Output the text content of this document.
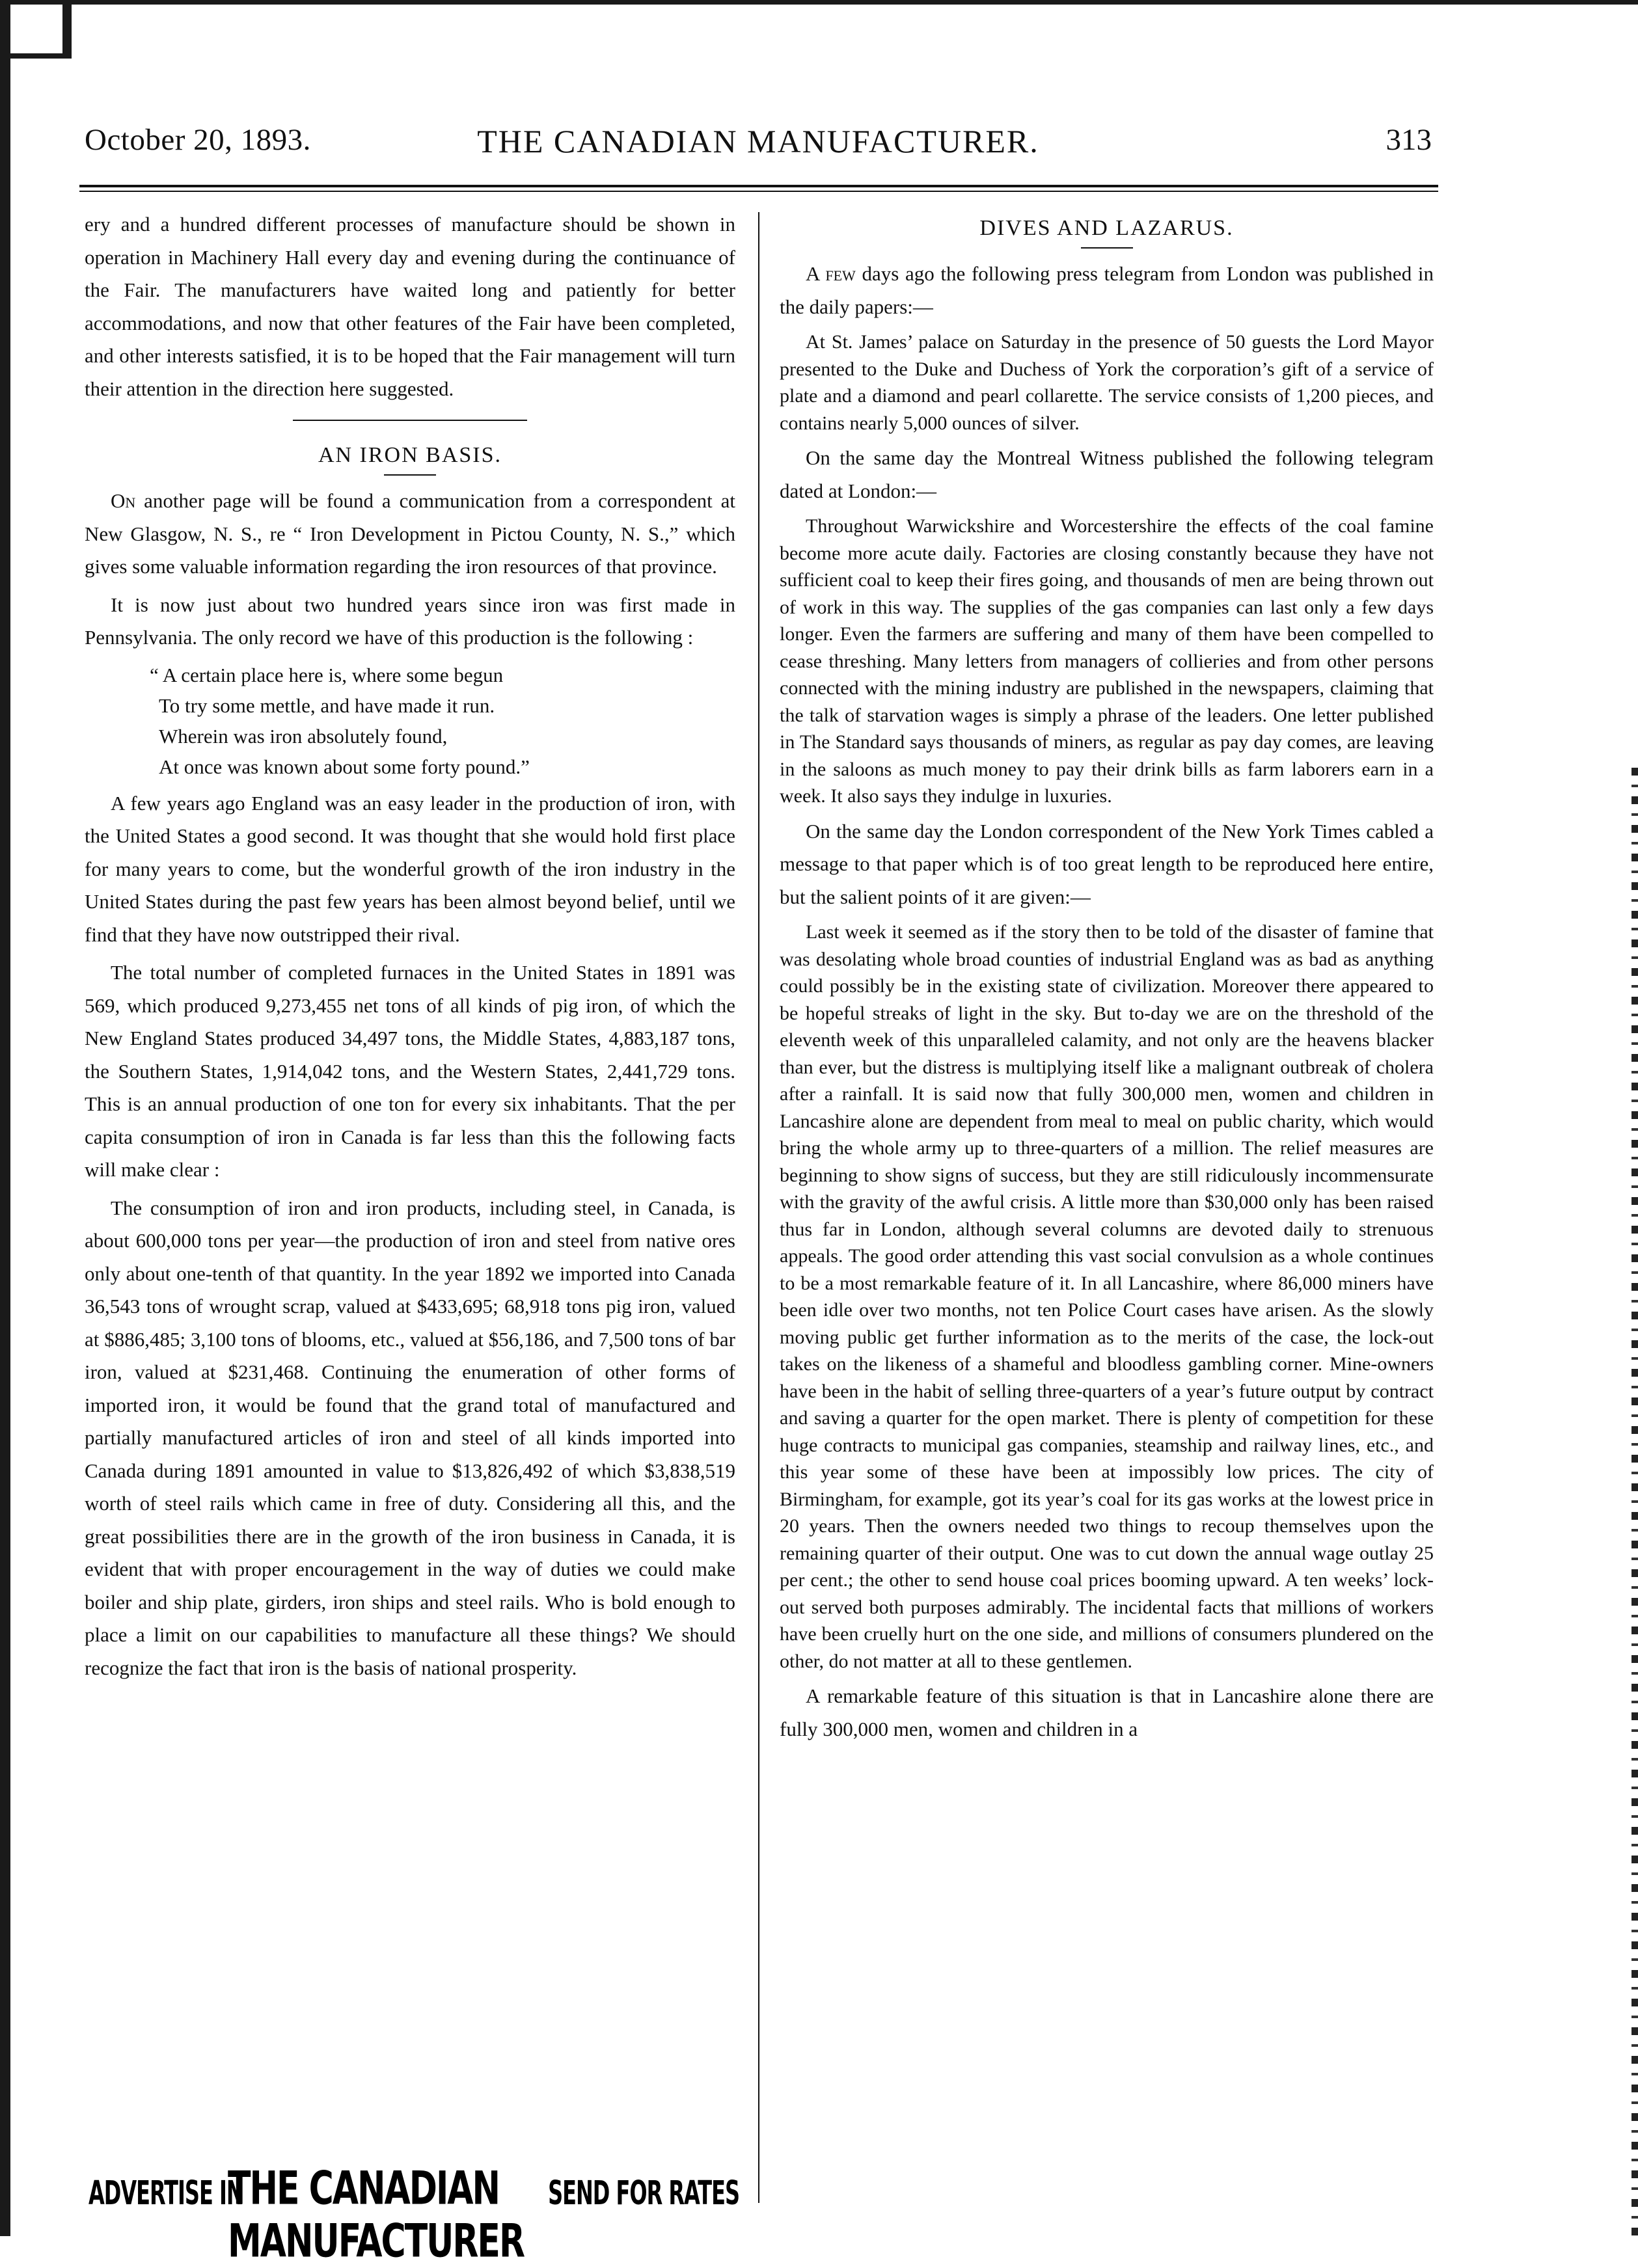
October 20, 1893.	THE CANADIAN MANUFACTURER.	313

ery and a hundred different processes of manufacture should be shown in operation in Machinery Hall every day and evening during the continuance of the Fair. The manufacturers have waited long and patiently for better accommodations, and now that other features of the Fair have been completed, and other interests satisfied, it is to be hoped that the Fair management will turn their attention in the direction here suggested.

AN IRON BASIS.

On another page will be found a communication from a correspondent at New Glasgow, N. S., re “ Iron Development in Pictou County, N. S.,” which gives some valuable information regarding the iron resources of that province.

It is now just about two hundred years since iron was first made in Pennsylvania. The only record we have of this production is the following :

“ A certain place here is, where some begun
To try some mettle, and have made it run.
Wherein was iron absolutely found,
At once was known about some forty pound.”

A few years ago England was an easy leader in the production of iron, with the United States a good second. It was thought that she would hold first place for many years to come, but the wonderful growth of the iron industry in the United States during the past few years has been almost beyond belief, until we find that they have now outstripped their rival.

The total number of completed furnaces in the United States in 1891 was 569, which produced 9,273,455 net tons of all kinds of pig iron, of which the New England States produced 34,497 tons, the Middle States, 4,883,187 tons, the Southern States, 1,914,042 tons, and the Western States, 2,441,729 tons. This is an annual production of one ton for every six inhabitants. That the per capita consumption of iron in Canada is far less than this the following facts will make clear :

The consumption of iron and iron products, including steel, in Canada, is about 600,000 tons per year—the production of iron and steel from native ores only about one-tenth of that quantity. In the year 1892 we imported into Canada 36,543 tons of wrought scrap, valued at $433,695; 68,918 tons pig iron, valued at $886,485; 3,100 tons of blooms, etc., valued at $56,186, and 7,500 tons of bar iron, valued at $231,468. Continuing the enumeration of other forms of imported iron, it would be found that the grand total of manufactured and partially manufactured articles of iron and steel of all kinds imported into Canada during 1891 amounted in value to $13,826,492 of which $3,838,519 worth of steel rails which came in free of duty. Considering all this, and the great possibilities there are in the growth of the iron business in Canada, it is evident that with proper encouragement in the way of duties we could make boiler and ship plate, girders, iron ships and steel rails. Who is bold enough to place a limit on our capabilities to manufacture all these things? We should recognize the fact that iron is the basis of national prosperity.

ADVERTISE IN
THE CANADIAN MANUFACTURER
SEND FOR RATES
DIVES AND LAZARUS.

A few days ago the following press telegram from London was published in the daily papers:—

At St. James’ palace on Saturday in the presence of 50 guests the Lord Mayor presented to the Duke and Duchess of York the corporation’s gift of a service of plate and a diamond and pearl collarette. The service consists of 1,200 pieces, and contains nearly 5,000 ounces of silver.

On the same day the Montreal Witness published the following telegram dated at London:—

Throughout Warwickshire and Worcestershire the effects of the coal famine become more acute daily. Factories are closing constantly because they have not sufficient coal to keep their fires going, and thousands of men are being thrown out of work in this way. The supplies of the gas companies can last only a few days longer. Even the farmers are suffering and many of them have been compelled to cease threshing. Many letters from managers of collieries and from other persons connected with the mining industry are published in the newspapers, claiming that the talk of starvation wages is simply a phrase of the leaders. One letter published in The Standard says thousands of miners, as regular as pay day comes, are leaving in the saloons as much money to pay their drink bills as farm laborers earn in a week. It also says they indulge in luxuries.

On the same day the London correspondent of the New York Times cabled a message to that paper which is of too great length to be reproduced here entire, but the salient points of it are given:—

Last week it seemed as if the story then to be told of the disaster of famine that was desolating whole broad counties of industrial England was as bad as anything could possibly be in the existing state of civilization. Moreover there appeared to be hopeful streaks of light in the sky. But to-day we are on the threshold of the eleventh week of this unparalleled calamity, and not only are the heavens blacker than ever, but the distress is multiplying itself like a malignant outbreak of cholera after a rainfall. It is said now that fully 300,000 men, women and children in Lancashire alone are dependent from meal to meal on public charity, which would bring the whole army up to three-quarters of a million. The relief measures are beginning to show signs of success, but they are still ridiculously incommensurate with the gravity of the awful crisis. A little more than $30,000 only has been raised thus far in London, although several columns are devoted daily to strenuous appeals. The good order attending this vast social convulsion as a whole continues to be a most remarkable feature of it. In all Lancashire, where 86,000 miners have been idle over two months, not ten Police Court cases have arisen. As the slowly moving public get further information as to the merits of the case, the lock-out takes on the likeness of a shameful and bloodless gambling corner. Mine-owners have been in the habit of selling three-quarters of a year’s future output by contract and saving a quarter for the open market. There is plenty of competition for these huge contracts to municipal gas companies, steamship and railway lines, etc., and this year some of these have been at impossibly low prices. The city of Birmingham, for example, got its year’s coal for its gas works at the lowest price in 20 years. Then the owners needed two things to recoup themselves upon the remaining quarter of their output. One was to cut down the annual wage outlay 25 per cent.; the other to send house coal prices booming upward. A ten weeks’ lock-out served both purposes admirably. The incidental facts that millions of workers have been cruelly hurt on the one side, and millions of consumers plundered on the other, do not matter at all to these gentlemen.

A remarkable feature of this situation is that in Lancashire alone there are fully 300,000 men, women and children in a
